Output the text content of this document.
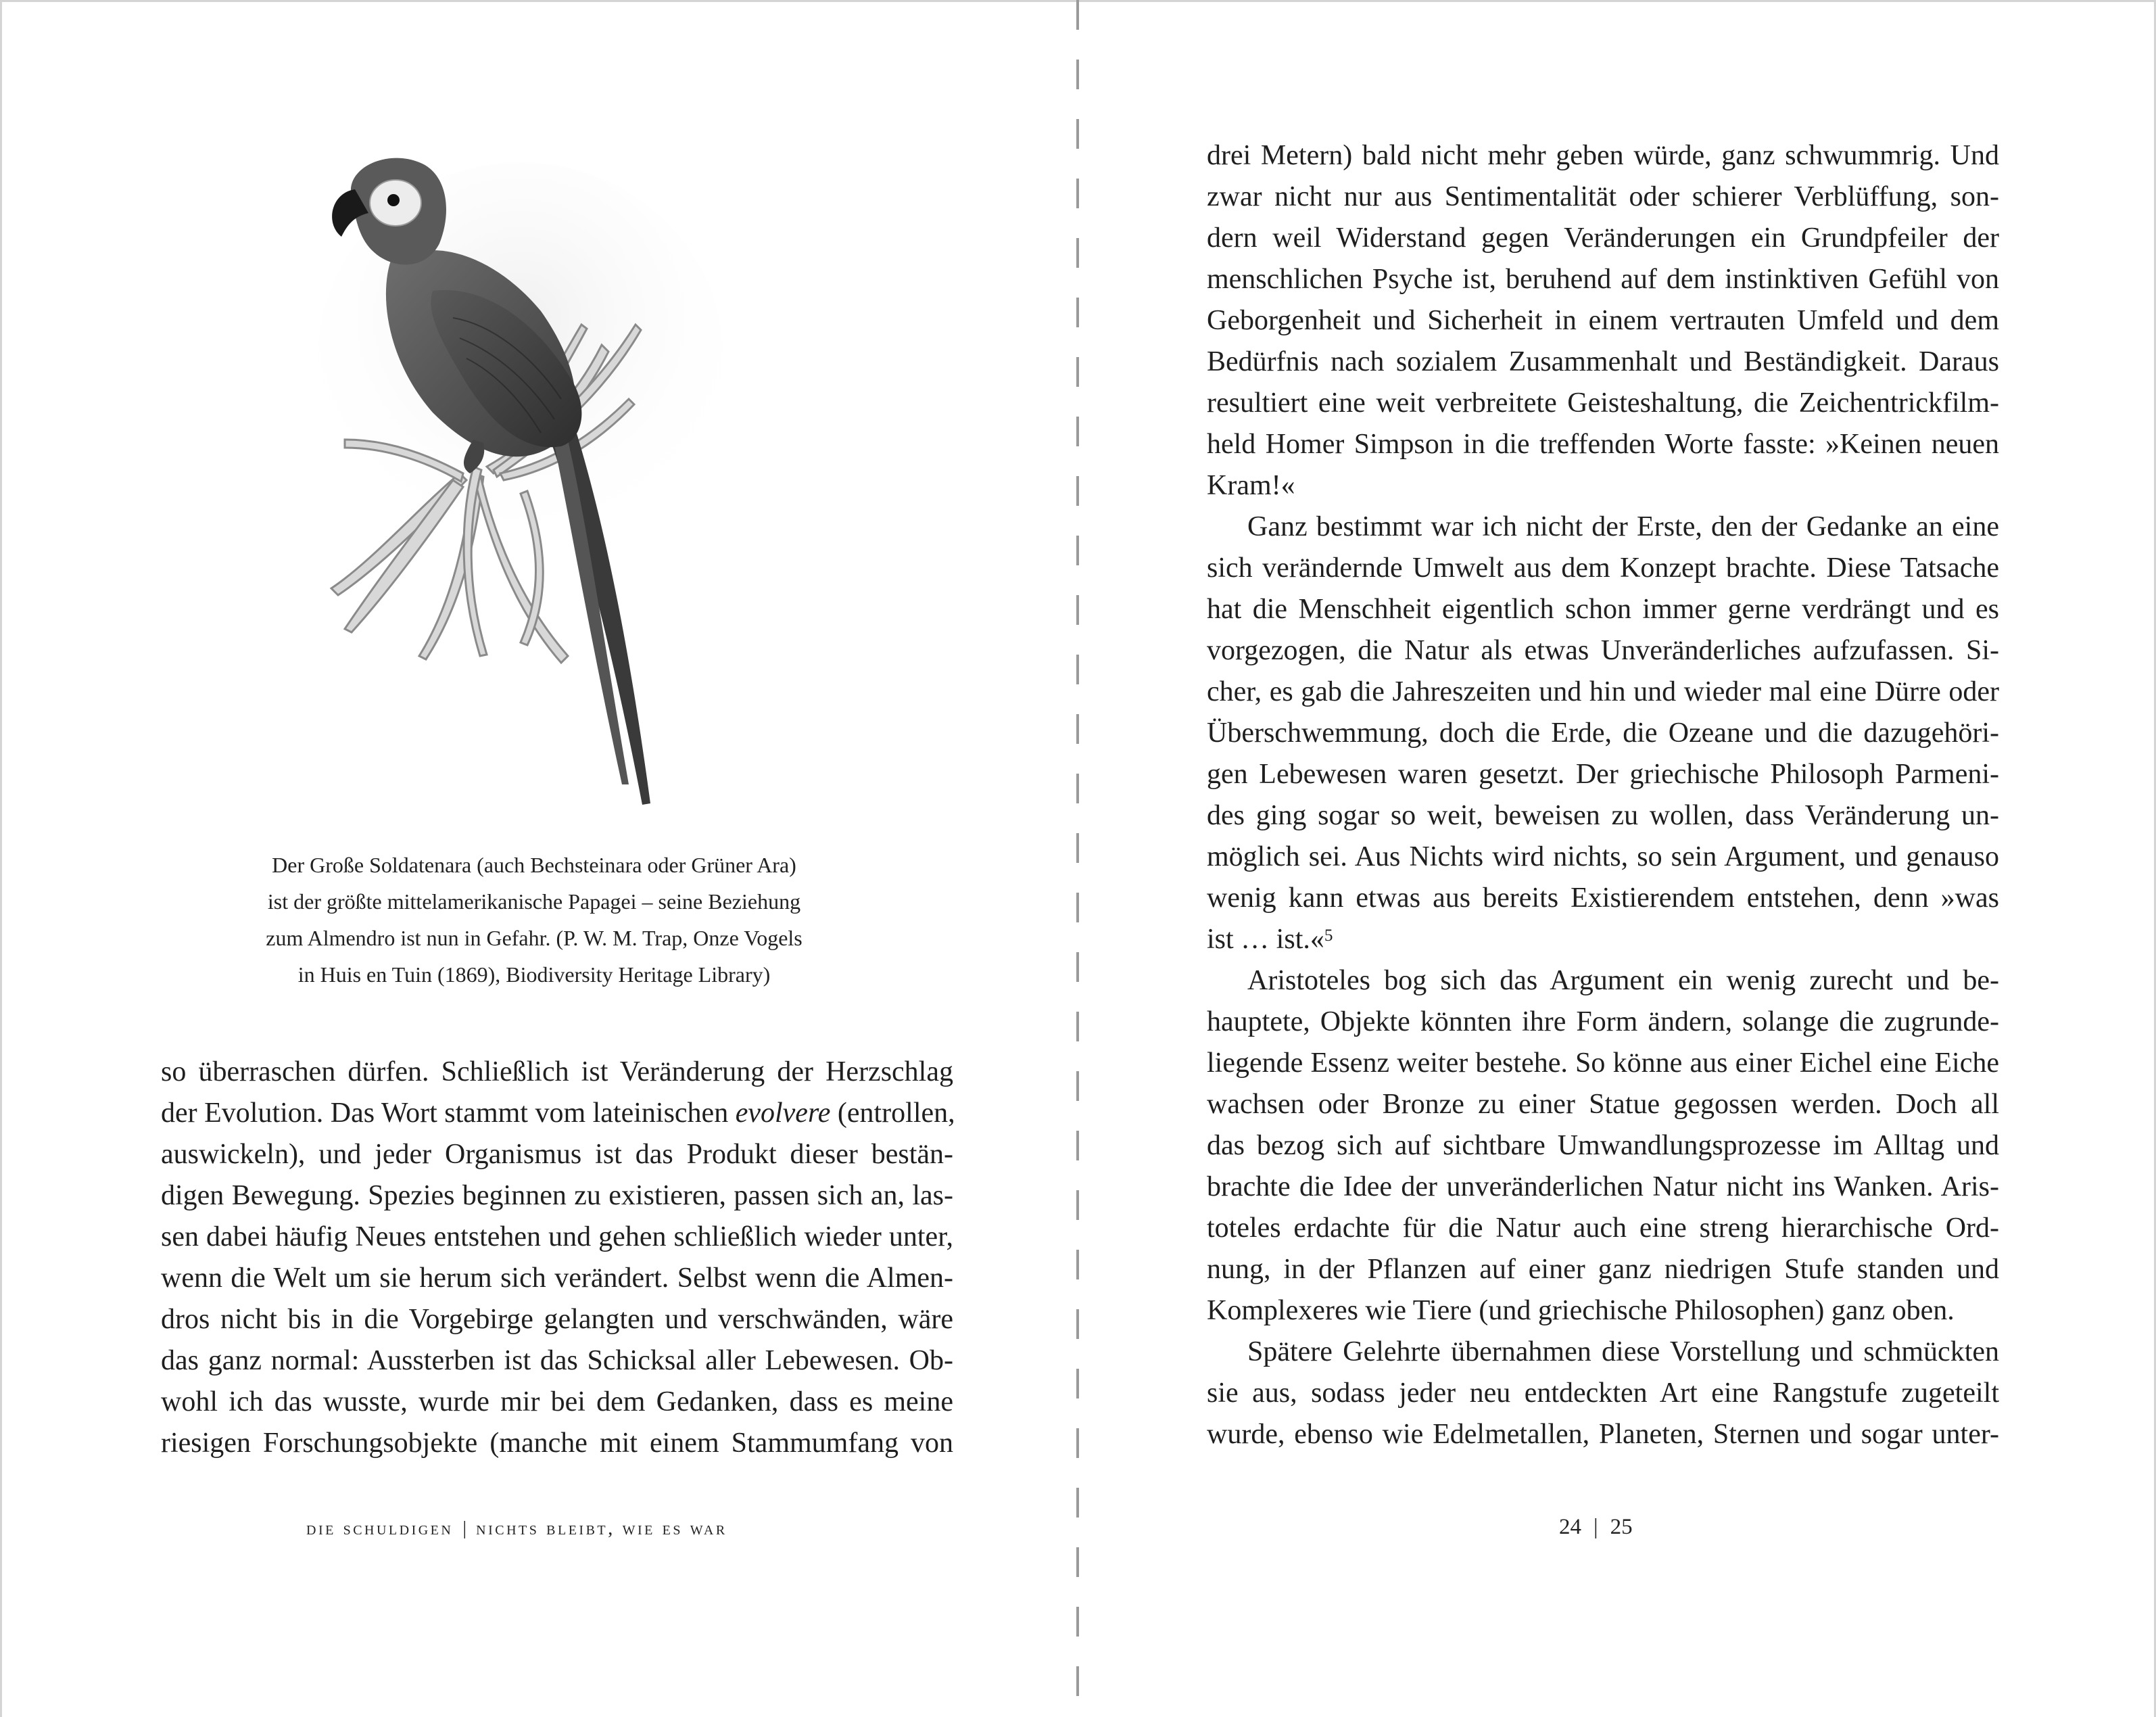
Der Große Soldatenara (auch Bechsteinara oder Grüner Ara)
ist der größte mittelamerikanische Papagei – seine Beziehung
zum Almendro ist nun in Gefahr. (P. W. M. Trap, Onze Vogels
in Huis en Tuin (1869), Biodiversity Heritage Library)
so überraschen dürfen. Schließlich ist Veränderung der Herzschlag
der Evolution. Das Wort stammt vom lateinischen evolvere (entrollen,
auswickeln), und jeder Organismus ist das Produkt dieser bestän-
digen Bewegung. Spezies beginnen zu existieren, passen sich an, las-
sen dabei häufig Neues entstehen und gehen schließlich wieder unter,
wenn die Welt um sie herum sich verändert. Selbst wenn die Almen-
dros nicht bis in die Vorgebirge gelangten und verschwänden, wäre
das ganz normal: Aussterben ist das Schicksal aller Lebewesen. Ob-
wohl ich das wusste, wurde mir bei dem Gedanken, dass es meine
riesigen Forschungsobjekte (manche mit einem Stammumfang von
die schuldigen | nichts bleibt, wie es war
drei Metern) bald nicht mehr geben würde, ganz schwummrig. Und
zwar nicht nur aus Sentimentalität oder schierer Verblüffung, son-
dern weil Widerstand gegen Veränderungen ein Grundpfeiler der
menschlichen Psyche ist, beruhend auf dem instinktiven Gefühl von
Geborgenheit und Sicherheit in einem vertrauten Umfeld und dem
Bedürfnis nach sozialem Zusammenhalt und Beständigkeit. Daraus
resultiert eine weit verbreitete Geisteshaltung, die Zeichentrickfilm-
held Homer Simpson in die treffenden Worte fasste: »Keinen neuen
Kram!«
Ganz bestimmt war ich nicht der Erste, den der Gedanke an eine
sich verändernde Umwelt aus dem Konzept brachte. Diese Tatsache
hat die Menschheit eigentlich schon immer gerne verdrängt und es
vorgezogen, die Natur als etwas Unveränderliches aufzufassen. Si-
cher, es gab die Jahreszeiten und hin und wieder mal eine Dürre oder
Überschwemmung, doch die Erde, die Ozeane und die dazugehöri-
gen Lebewesen waren gesetzt. Der griechische Philosoph Parmeni-
des ging sogar so weit, beweisen zu wollen, dass Veränderung un-
möglich sei. Aus Nichts wird nichts, so sein Argument, und genauso
wenig kann etwas aus bereits Existierendem entstehen, denn »was
ist … ist.«$^5$
Aristoteles bog sich das Argument ein wenig zurecht und be-
hauptete, Objekte könnten ihre Form ändern, solange die zugrunde-
liegende Essenz weiter bestehe. So könne aus einer Eichel eine Eiche
wachsen oder Bronze zu einer Statue gegossen werden. Doch all
das bezog sich auf sichtbare Umwandlungsprozesse im Alltag und
brachte die Idee der unveränderlichen Natur nicht ins Wanken. Aris-
toteles erdachte für die Natur auch eine streng hierarchische Ord-
nung, in der Pflanzen auf einer ganz niedrigen Stufe standen und
Komplexeres wie Tiere (und griechische Philosophen) ganz oben.
Spätere Gelehrte übernahmen diese Vorstellung und schmückten
sie aus, sodass jeder neu entdeckten Art eine Rangstufe zugeteilt
wurde, ebenso wie Edelmetallen, Planeten, Sternen und sogar unter-
24 | 25
